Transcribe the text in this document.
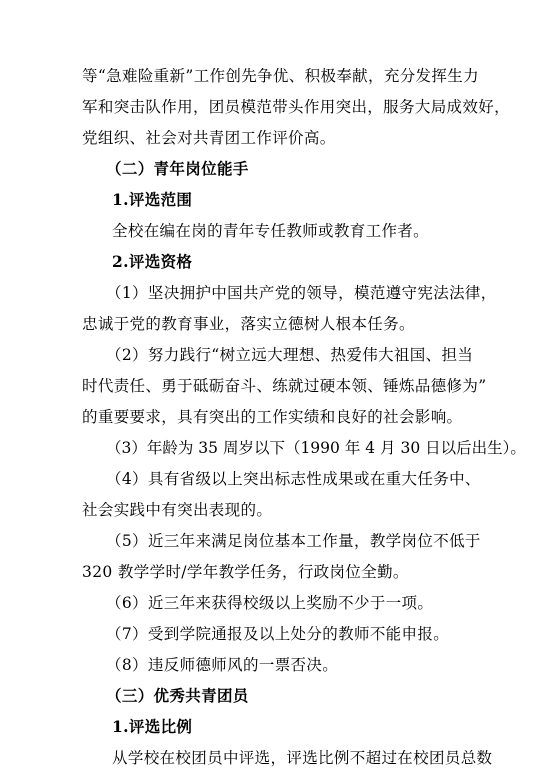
等“急难险重新”工作创先争优、积极奉献，充分发挥生力
军和突击队作用，团员模范带头作用突出，服务大局成效好，
党组织、社会对共青团工作评价高。
（二）青年岗位能手
1.评选范围
全校在编在岗的青年专任教师或教育工作者。
2.评选资格
（1）坚决拥护中国共产党的领导，模范遵守宪法法律，
忠诚于党的教育事业，落实立德树人根本任务。
（2）努力践行“树立远大理想、热爱伟大祖国、担当
时代责任、勇于砥砺奋斗、练就过硬本领、锤炼品德修为”
的重要要求，具有突出的工作实绩和良好的社会影响。
（3）年龄为 35 周岁以下（1990 年 4 月 30 日以后出生）。
（4）具有省级以上突出标志性成果或在重大任务中、
社会实践中有突出表现的。
（5）近三年来满足岗位基本工作量，教学岗位不低于
320 教学学时/学年教学任务，行政岗位全勤。
（6）近三年来获得校级以上奖励不少于一项。
（7）受到学院通报及以上处分的教师不能申报。
（8）违反师德师风的一票否决。
（三）优秀共青团员
1.评选比例
从学校在校团员中评选，评选比例不超过在校团员总数
